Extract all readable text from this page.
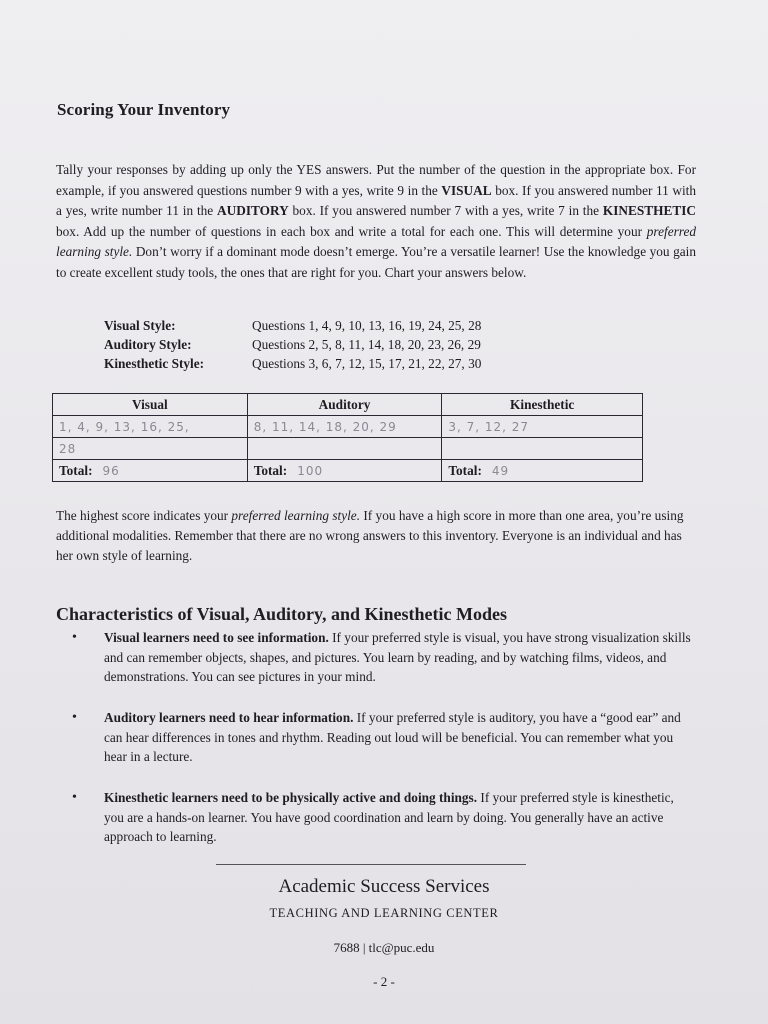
Scoring Your Inventory
Tally your responses by adding up only the YES answers. Put the number of the question in the appropriate box. For example, if you answered questions number 9 with a yes, write 9 in the VISUAL box. If you answered number 11 with a yes, write number 11 in the AUDITORY box. If you answered number 7 with a yes, write 7 in the KINESTHETIC box. Add up the number of questions in each box and write a total for each one. This will determine your preferred learning style. Don’t worry if a dominant mode doesn’t emerge. You’re a versatile learner! Use the knowledge you gain to create excellent study tools, the ones that are right for you. Chart your answers below.
Visual Style:	Questions 1, 4, 9, 10, 13, 16, 19, 24, 25, 28
Auditory Style:	Questions 2, 5, 8, 11, 14, 18, 20, 23, 26, 29
Kinesthetic Style:	Questions 3, 6, 7, 12, 15, 17, 21, 22, 27, 30
Visual	Auditory	Kinesthetic
1, 4, 9, 13, 16, 25,	8, 11, 14, 18, 20, 29	3, 7, 12, 27
28		
Total: 96	Total: 100	Total: 49
The highest score indicates your preferred learning style. If you have a high score in more than one area, you’re using additional modalities. Remember that there are no wrong answers to this inventory. Everyone is an individual and has her own style of learning.
Characteristics of Visual, Auditory, and Kinesthetic Modes
•	Visual learners need to see information. If your preferred style is visual, you have strong visualization skills and can remember objects, shapes, and pictures. You learn by reading, and by watching films, videos, and demonstrations. You can see pictures in your mind.
•	Auditory learners need to hear information. If your preferred style is auditory, you have a “good ear” and can hear differences in tones and rhythm. Reading out loud will be beneficial. You can remember what you hear in a lecture.
•	Kinesthetic learners need to be physically active and doing things. If your preferred style is kinesthetic, you are a hands-on learner. You have good coordination and learn by doing. You generally have an active approach to learning.
Academic Success Services
TEACHING AND LEARNING CENTER
7688 | tlc@puc.edu
- 2 -
